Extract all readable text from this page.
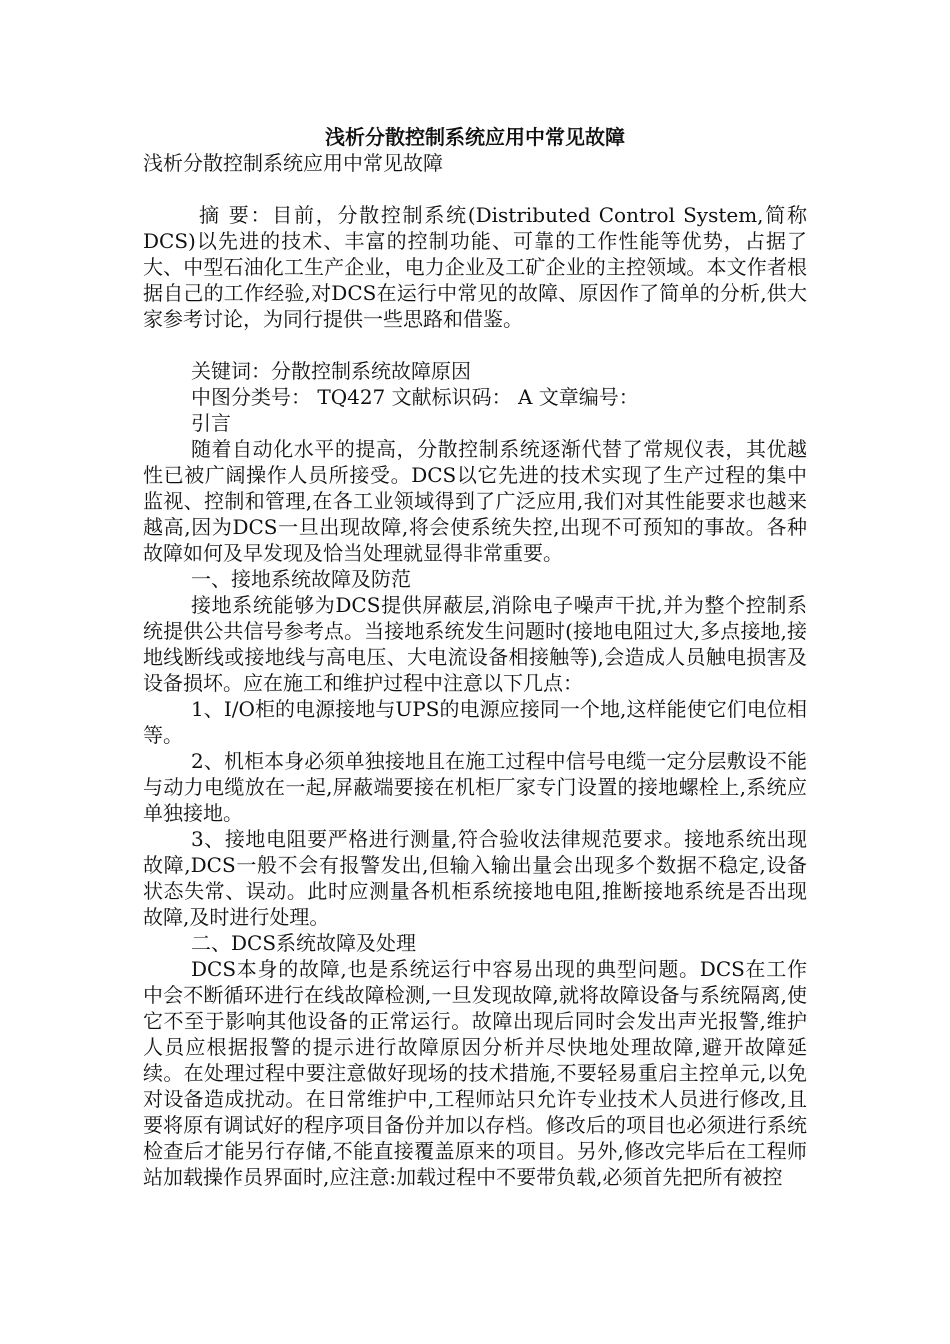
浅析分散控制系统应用中常见故障

浅析分散控制系统应用中常见故障

摘 要：目前，分散控制系统(Distributed Control System,简称DCS)以先进的技术、丰富的控制功能、可靠的工作性能等优势，占据了大、中型石油化工生产企业，电力企业及工矿企业的主控领域。本文作者根据自己的工作经验,对DCS在运行中常见的故障、原因作了简单的分析,供大家参考讨论，为同行提供一些思路和借鉴。

关键词：分散控制系统故障原因

中图分类号： TQ427 文献标识码： A 文章编号：

引言

随着自动化水平的提高，分散控制系统逐渐代替了常规仪表，其优越性已被广阔操作人员所接受。DCS以它先进的技术实现了生产过程的集中监视、控制和管理,在各工业领域得到了广泛应用,我们对其性能要求也越来越高,因为DCS一旦出现故障,将会使系统失控,出现不可预知的事故。各种故障如何及早发现及恰当处理就显得非常重要。

一、接地系统故障及防范

接地系统能够为DCS提供屏蔽层,消除电子噪声干扰,并为整个控制系统提供公共信号参考点。当接地系统发生问题时(接地电阻过大,多点接地,接地线断线或接地线与高电压、大电流设备相接触等),会造成人员触电损害及设备损坏。应在施工和维护过程中注意以下几点：

1、I/O柜的电源接地与UPS的电源应接同一个地,这样能使它们电位相等。

2、机柜本身必须单独接地且在施工过程中信号电缆一定分层敷设不能与动力电缆放在一起,屏蔽端要接在机柜厂家专门设置的接地螺栓上,系统应单独接地。

3、接地电阻要严格进行测量,符合验收法律规范要求。接地系统出现故障,DCS一般不会有报警发出,但输入输出量会出现多个数据不稳定,设备状态失常、误动。此时应测量各机柜系统接地电阻,推断接地系统是否出现故障,及时进行处理。

二、DCS系统故障及处理

DCS本身的故障,也是系统运行中容易出现的典型问题。DCS在工作中会不断循环进行在线故障检测,一旦发现故障,就将故障设备与系统隔离,使它不至于影响其他设备的正常运行。故障出现后同时会发出声光报警,维护人员应根据报警的提示进行故障原因分析并尽快地处理故障,避开故障延续。在处理过程中要注意做好现场的技术措施,不要轻易重启主控单元,以免对设备造成扰动。在日常维护中,工程师站只允许专业技术人员进行修改,且要将原有调试好的程序项目备份并加以存档。修改后的项目也必须进行系统检查后才能另行存储,不能直接覆盖原来的项目。另外,修改完毕后在工程师站加载操作员界面时,应注意:加载过程中不要带负载,必须首先把所有被控
